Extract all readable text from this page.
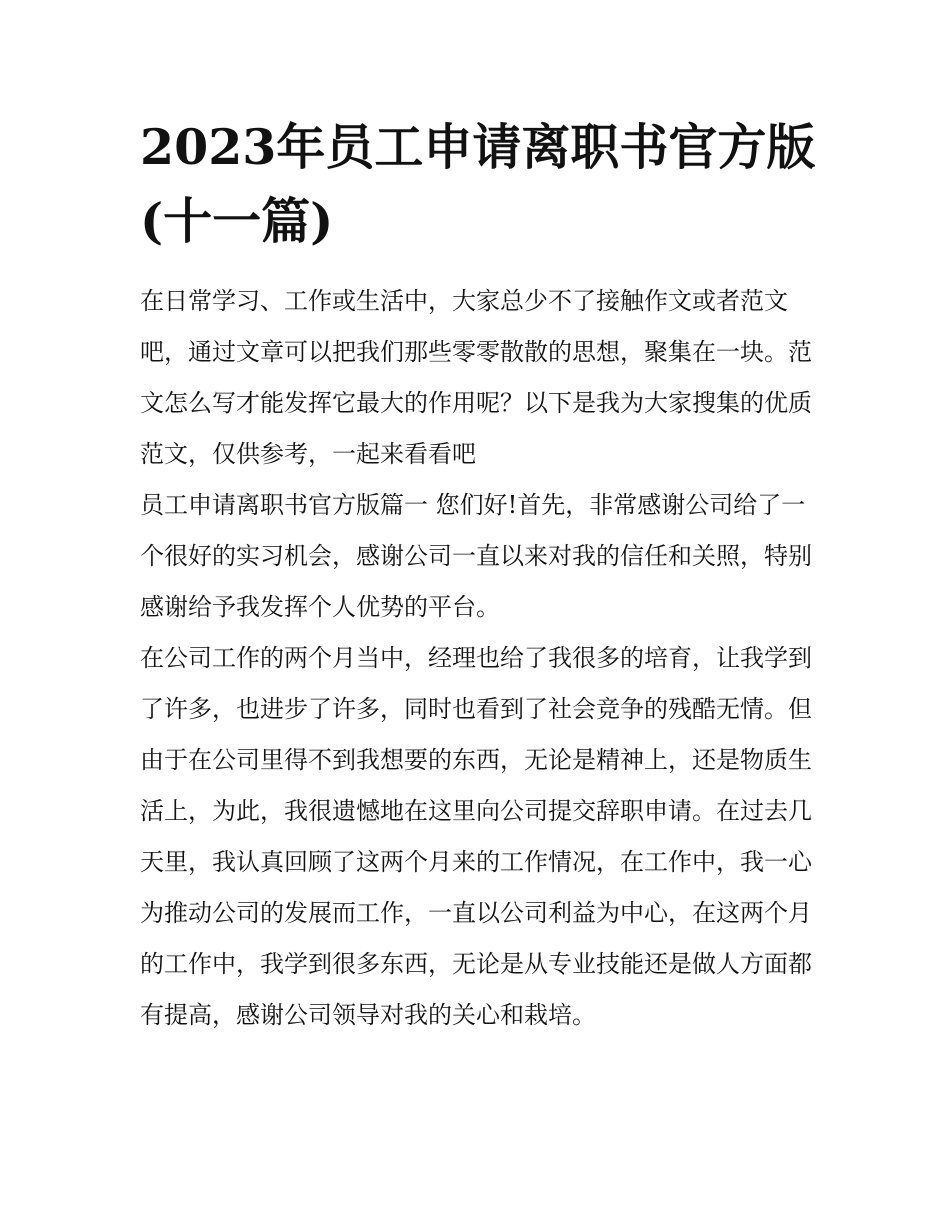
2023年员工申请离职书官方版(十一篇)

在日常学习、工作或生活中，大家总少不了接触作文或者范文吧，通过文章可以把我们那些零零散散的思想，聚集在一块。范文怎么写才能发挥它最大的作用呢？以下是我为大家搜集的优质范文，仅供参考，一起来看看吧

员工申请离职书官方版篇一 您们好!首先，非常感谢公司给了一个很好的实习机会，感谢公司一直以来对我的信任和关照，特别感谢给予我发挥个人优势的平台。

在公司工作的两个月当中，经理也给了我很多的培育，让我学到了许多，也进步了许多，同时也看到了社会竞争的残酷无情。但由于在公司里得不到我想要的东西，无论是精神上，还是物质生活上，为此，我很遗憾地在这里向公司提交辞职申请。在过去几天里，我认真回顾了这两个月来的工作情况，在工作中，我一心为推动公司的发展而工作，一直以公司利益为中心，在这两个月的工作中，我学到很多东西，无论是从专业技能还是做人方面都有提高，感谢公司领导对我的关心和栽培。
